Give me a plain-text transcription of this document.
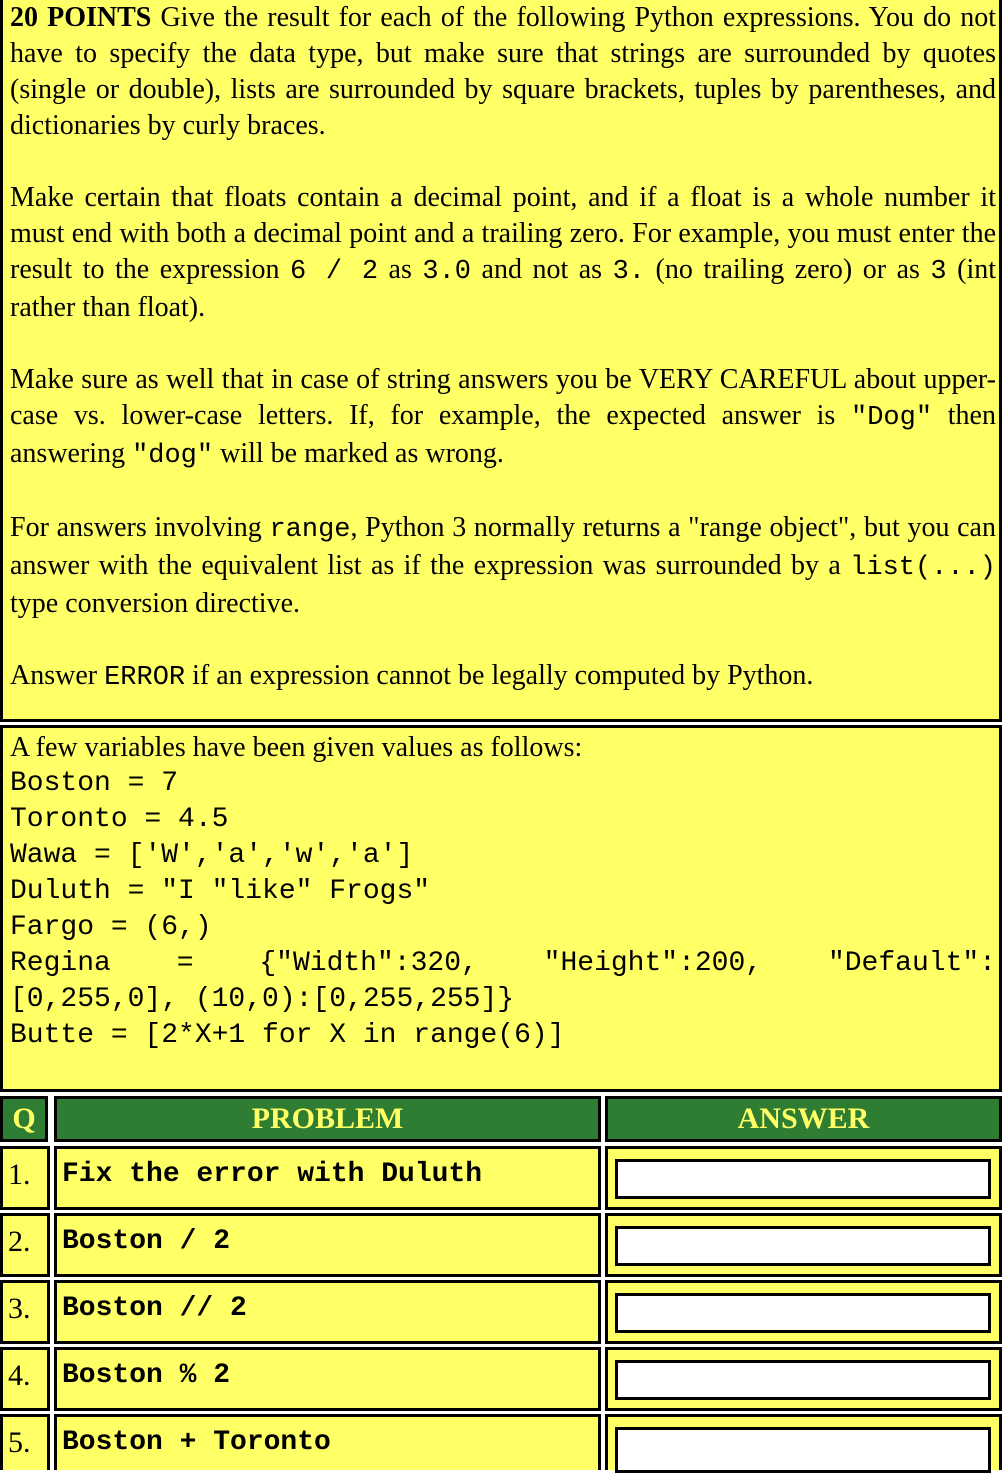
20 POINTS Give the result for each of the following Python expressions. You do not have to specify the data type, but make sure that strings are surrounded by quotes (single or double), lists are surrounded by square brackets, tuples by parentheses, and dictionaries by curly braces.

Make certain that floats contain a decimal point, and if a float is a whole number it must end with both a decimal point and a trailing zero. For example, you must enter the result to the expression 6 / 2 as 3.0 and not as 3. (no trailing zero) or as 3 (int rather than float).

Make sure as well that in case of string answers you be VERY CAREFUL about upper-case vs. lower-case letters. If, for example, the expected answer is "Dog" then answering "dog" will be marked as wrong.

For answers involving range, Python 3 normally returns a "range object", but you can answer with the equivalent list as if the expression was surrounded by a list(...) type conversion directive.

Answer ERROR if an expression cannot be legally computed by Python.

A few variables have been given values as follows:
Boston = 7
Toronto = 4.5
Wawa = ['W','a','w','a']
Duluth = "I "like" Frogs"
Fargo = (6,)
Regina = {"Width":320, "Height":200, "Default":
[0,255,0], (10,0):[0,255,255]}
Butte = [2*X+1 for X in range(6)]
Q	PROBLEM	ANSWER
1.	Fix the error with Duluth
2.	Boston / 2
3.	Boston // 2
4.	Boston % 2
5.	Boston + Toronto
